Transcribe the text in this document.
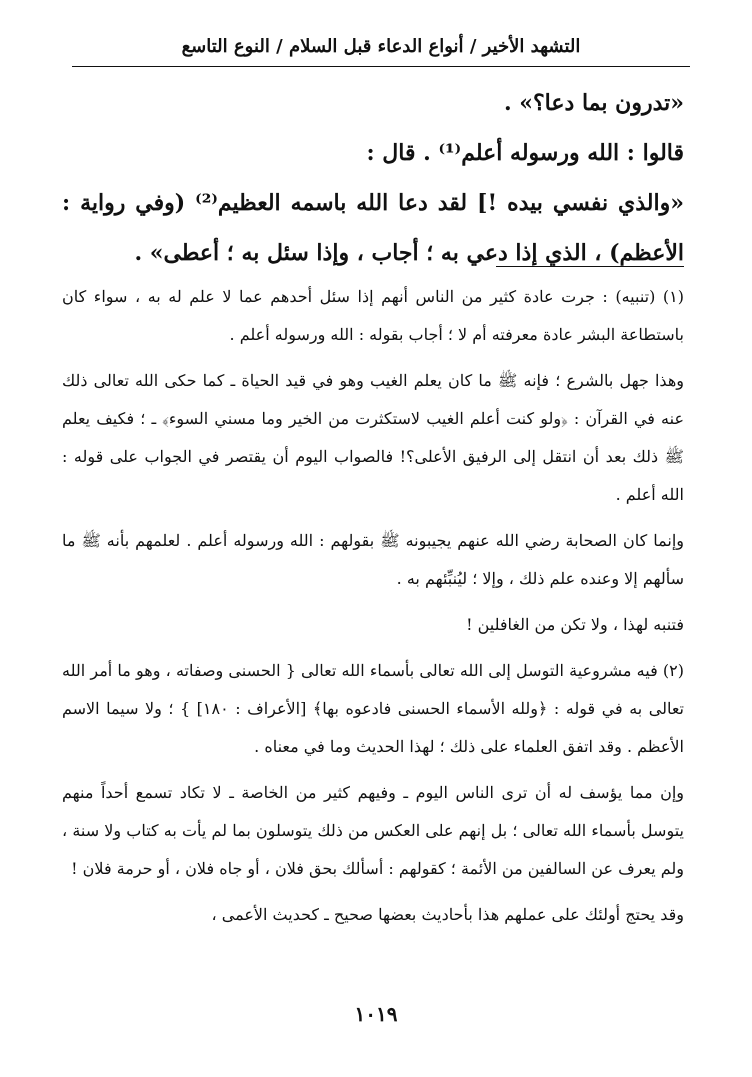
التشهد الأخير / أنواع الدعاء قبل السلام / النوع التاسع

«تدرون بما دعا؟» .

قالوا : الله ورسوله أعلم⁽¹⁾ . قال :

«والذي نفسي بيده !] لقد دعا الله باسمه العظيم⁽²⁾ (وفي رواية : الأعظم) ، الذي إذا دعي به ؛ أجاب ، وإذا سئل به ؛ أعطى» .

(١) (تنبيه) : جرت عادة كثير من الناس أنهم إذا سئل أحدهم عما لا علم له به ، سواء كان باستطاعة البشر عادة معرفته أم لا ؛ أجاب بقوله : الله ورسوله أعلم .

وهذا جهل بالشرع ؛ فإنه ﷺ ما كان يعلم الغيب وهو في قيد الحياة ـ كما حكى الله تعالى ذلك عنه في القرآن : ﴿ولو كنت أعلم الغيب لاستكثرت من الخير وما مسني السوء﴾ ـ ؛ فكيف يعلم ﷺ ذلك بعد أن انتقل إلى الرفيق الأعلى؟! فالصواب اليوم أن يقتصر في الجواب على قوله : الله أعلم .

وإنما كان الصحابة رضي الله عنهم يجيبونه ﷺ بقولهم : الله ورسوله أعلم . لعلمهم بأنه ﷺ ما سألهم إلا وعنده علم ذلك ، وإلا ؛ ليُنبِّئهم به .

فتنبه لهذا ، ولا تكن من الغافلين !

(٢) فيه مشروعية التوسل إلى الله تعالى بأسماء الله تعالى { الحسنى وصفاته ، وهو ما أمر الله تعالى به في قوله : ﴿ولله الأسماء الحسنى فادعوه بها﴾ [الأعراف : ١٨٠] } ؛ ولا سيما الاسم الأعظم . وقد اتفق العلماء على ذلك ؛ لهذا الحديث وما في معناه .

وإن مما يؤسف له أن ترى الناس اليوم ـ وفيهم كثير من الخاصة ـ لا تكاد تسمع أحداً منهم يتوسل بأسماء الله تعالى ؛ بل إنهم على العكس من ذلك يتوسلون بما لم يأت به كتاب ولا سنة ، ولم يعرف عن السالفين من الأئمة ؛ كقولهم : أسألك بحق فلان ، أو جاه فلان ، أو حرمة فلان !

وقد يحتج أولئك على عملهم هذا بأحاديث بعضها صحيح ـ كحديث الأعمى ،

١٠١٩
